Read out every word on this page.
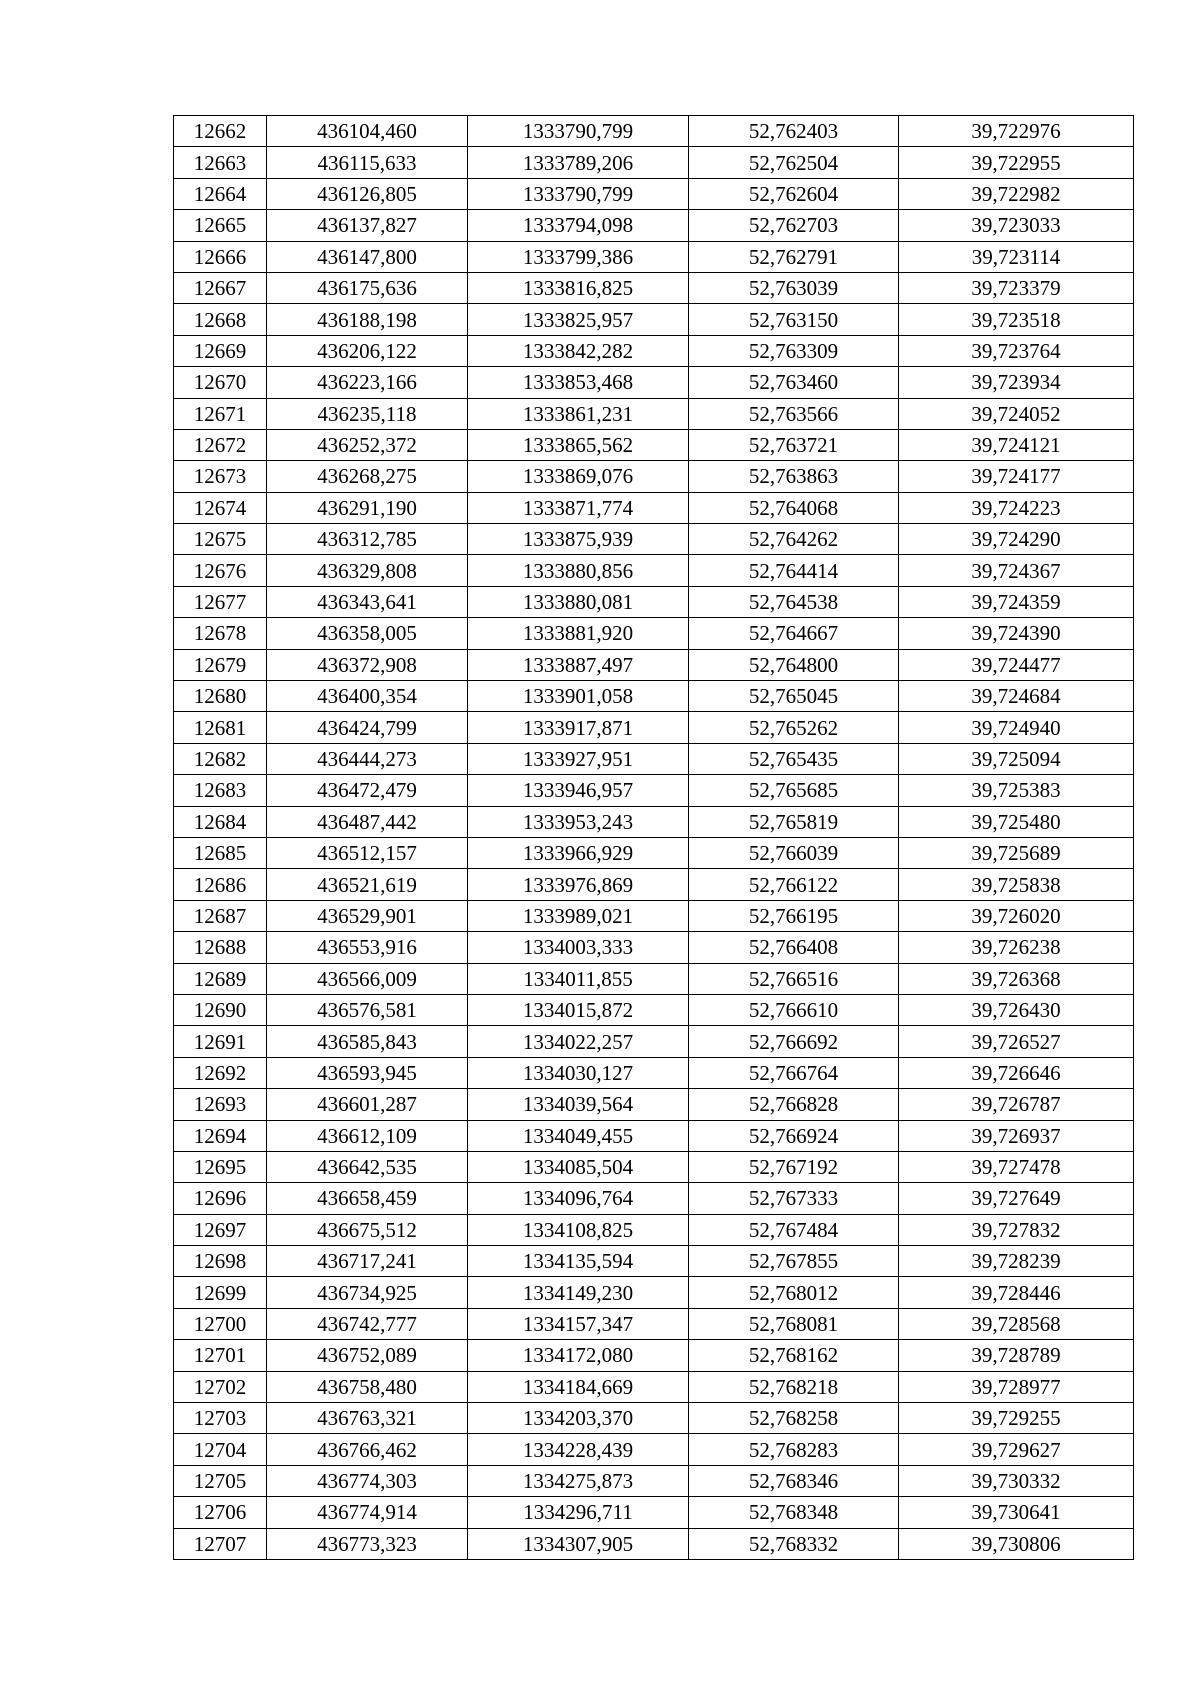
12662	436104,460	1333790,799	52,762403	39,722976
12663	436115,633	1333789,206	52,762504	39,722955
12664	436126,805	1333790,799	52,762604	39,722982
12665	436137,827	1333794,098	52,762703	39,723033
12666	436147,800	1333799,386	52,762791	39,723114
12667	436175,636	1333816,825	52,763039	39,723379
12668	436188,198	1333825,957	52,763150	39,723518
12669	436206,122	1333842,282	52,763309	39,723764
12670	436223,166	1333853,468	52,763460	39,723934
12671	436235,118	1333861,231	52,763566	39,724052
12672	436252,372	1333865,562	52,763721	39,724121
12673	436268,275	1333869,076	52,763863	39,724177
12674	436291,190	1333871,774	52,764068	39,724223
12675	436312,785	1333875,939	52,764262	39,724290
12676	436329,808	1333880,856	52,764414	39,724367
12677	436343,641	1333880,081	52,764538	39,724359
12678	436358,005	1333881,920	52,764667	39,724390
12679	436372,908	1333887,497	52,764800	39,724477
12680	436400,354	1333901,058	52,765045	39,724684
12681	436424,799	1333917,871	52,765262	39,724940
12682	436444,273	1333927,951	52,765435	39,725094
12683	436472,479	1333946,957	52,765685	39,725383
12684	436487,442	1333953,243	52,765819	39,725480
12685	436512,157	1333966,929	52,766039	39,725689
12686	436521,619	1333976,869	52,766122	39,725838
12687	436529,901	1333989,021	52,766195	39,726020
12688	436553,916	1334003,333	52,766408	39,726238
12689	436566,009	1334011,855	52,766516	39,726368
12690	436576,581	1334015,872	52,766610	39,726430
12691	436585,843	1334022,257	52,766692	39,726527
12692	436593,945	1334030,127	52,766764	39,726646
12693	436601,287	1334039,564	52,766828	39,726787
12694	436612,109	1334049,455	52,766924	39,726937
12695	436642,535	1334085,504	52,767192	39,727478
12696	436658,459	1334096,764	52,767333	39,727649
12697	436675,512	1334108,825	52,767484	39,727832
12698	436717,241	1334135,594	52,767855	39,728239
12699	436734,925	1334149,230	52,768012	39,728446
12700	436742,777	1334157,347	52,768081	39,728568
12701	436752,089	1334172,080	52,768162	39,728789
12702	436758,480	1334184,669	52,768218	39,728977
12703	436763,321	1334203,370	52,768258	39,729255
12704	436766,462	1334228,439	52,768283	39,729627
12705	436774,303	1334275,873	52,768346	39,730332
12706	436774,914	1334296,711	52,768348	39,730641
12707	436773,323	1334307,905	52,768332	39,730806
